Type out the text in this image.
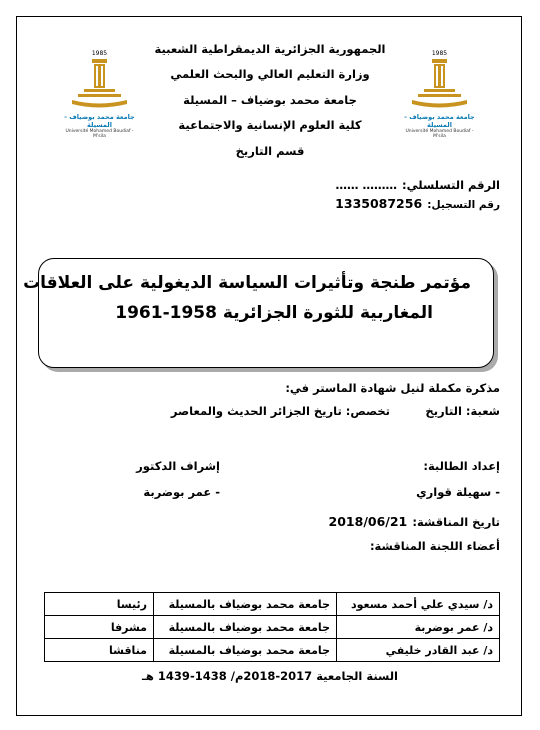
1985
جامعة محمد بوضياف - المسيلة
Université Mohamed Boudiaf - M'sila
1985
جامعة محمد بوضياف - المسيلة
Université Mohamed Boudiaf - M'sila
الجمهورية الجزائرية الديمقراطية الشعبية
وزارة التعليم العالي والبحث العلمي
جامعة محمد بوضياف – المسيلة
كلية العلوم الإنسانية والاجتماعية
قسم التاريخ
الرقم التسلسلي: ……… ……
رقم التسجيل: 1335087256
مؤتمر طنجة وتأثيرات السياسة الديغولية على العلاقات
المغاربية للثورة الجزائرية 1958-1961
مذكرة مكملة لنيل شهادة الماستر في:
شعبة: التاريخ
تخصص: تاريخ الجزائر الحديث والمعاصر
إعداد الطالبة:
إشراف الدكتور
- سهيلة قواري
- عمر بوضربة
تاريخ المناقشة: 2018/06/21
أعضاء اللجنة المناقشة:
د/ سيدي علي أحمد مسعود	جامعة محمد بوضياف بالمسيلة	رئيسا
د/ عمر بوضربة	جامعة محمد بوضياف بالمسيلة	مشرفا
د/ عبد القادر خليفي	جامعة محمد بوضياف بالمسيلة	مناقشا
السنة الجامعية 2017-2018م/ 1438-1439 هـ
